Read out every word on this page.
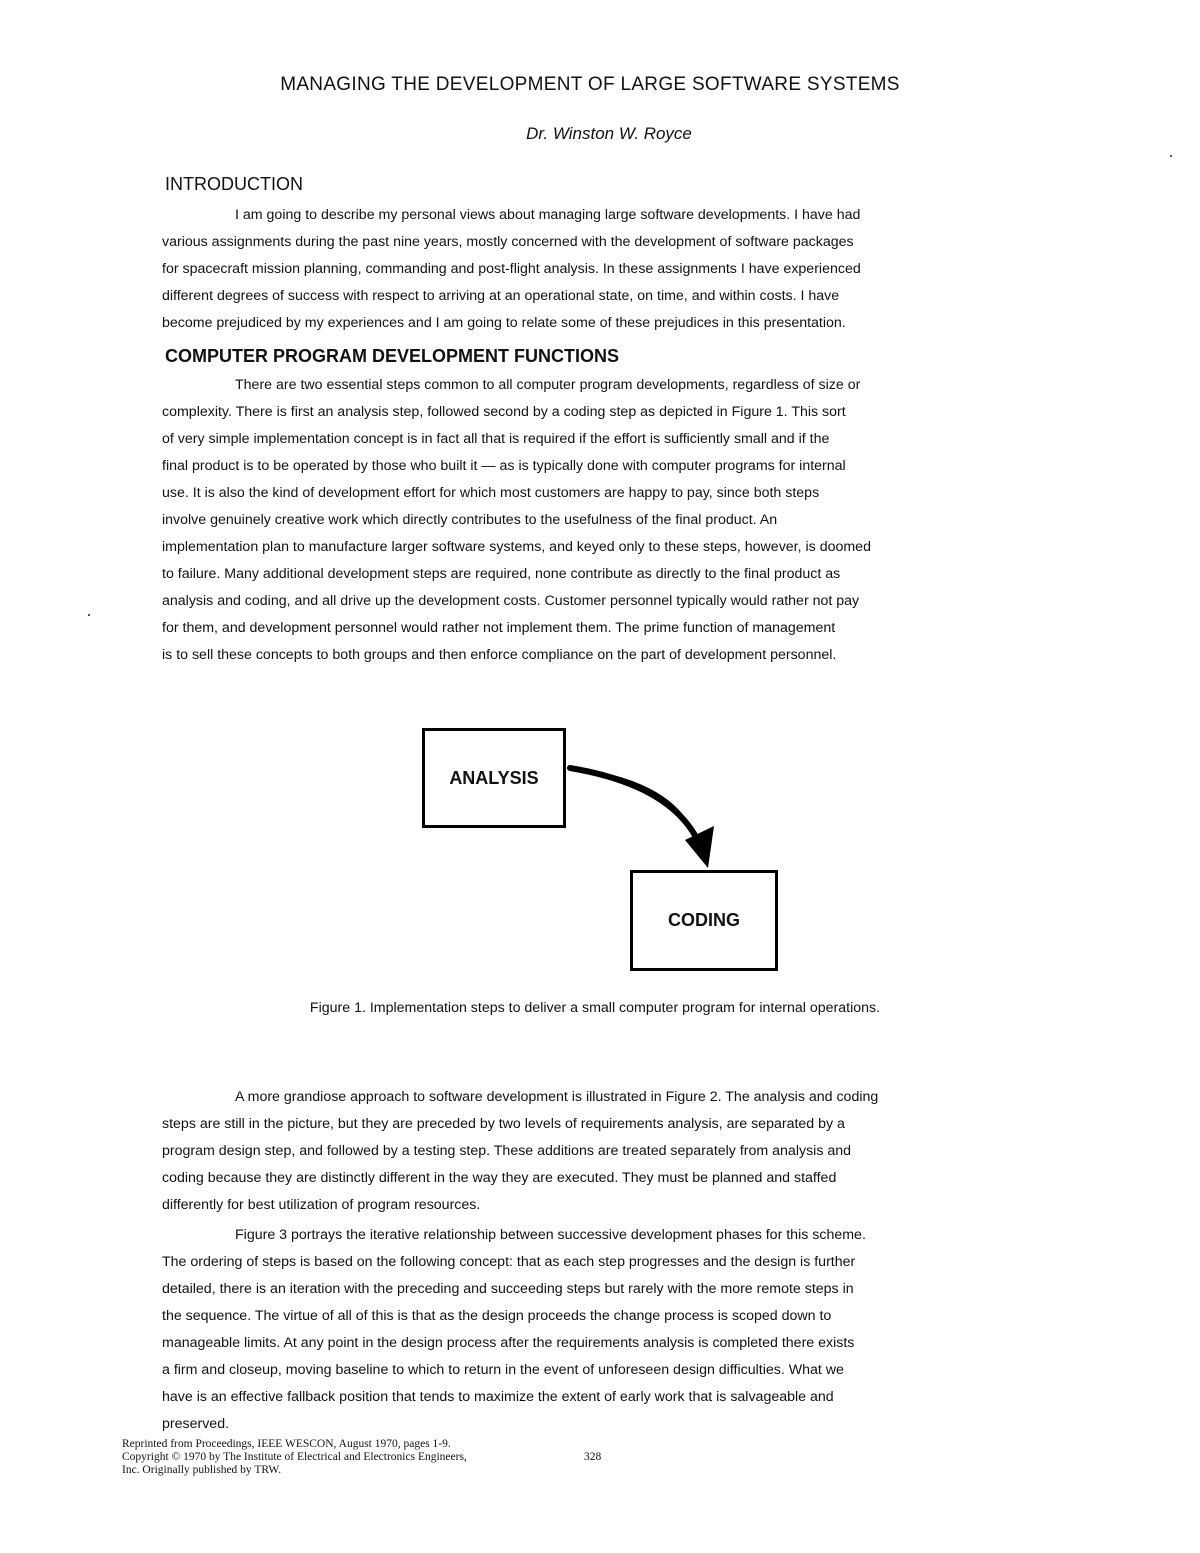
MANAGING THE DEVELOPMENT OF LARGE SOFTWARE SYSTEMS
Dr. Winston W. Royce
INTRODUCTION
I am going to describe my personal views about managing large software developments. I have had
various assignments during the past nine years, mostly concerned with the development of software packages
for spacecraft mission planning, commanding and post-flight analysis. In these assignments I have experienced
different degrees of success with respect to arriving at an operational state, on time, and within costs. I have
become prejudiced by my experiences and I am going to relate some of these prejudices in this presentation.
COMPUTER PROGRAM DEVELOPMENT FUNCTIONS
There are two essential steps common to all computer program developments, regardless of size or
complexity. There is first an analysis step, followed second by a coding step as depicted in Figure 1. This sort
of very simple implementation concept is in fact all that is required if the effort is sufficiently small and if the
final product is to be operated by those who built it — as is typically done with computer programs for internal
use. It is also the kind of development effort for which most customers are happy to pay, since both steps
involve genuinely creative work which directly contributes to the usefulness of the final product. An
implementation plan to manufacture larger software systems, and keyed only to these steps, however, is doomed
to failure. Many additional development steps are required, none contribute as directly to the final product as
analysis and coding, and all drive up the development costs. Customer personnel typically would rather not pay
for them, and development personnel would rather not implement them. The prime function of management
is to sell these concepts to both groups and then enforce compliance on the part of development personnel.
ANALYSIS
CODING
Figure 1. Implementation steps to deliver a small computer program for internal operations.
A more grandiose approach to software development is illustrated in Figure 2. The analysis and coding
steps are still in the picture, but they are preceded by two levels of requirements analysis, are separated by a
program design step, and followed by a testing step. These additions are treated separately from analysis and
coding because they are distinctly different in the way they are executed. They must be planned and staffed
differently for best utilization of program resources.
Figure 3 portrays the iterative relationship between successive development phases for this scheme.
The ordering of steps is based on the following concept: that as each step progresses and the design is further
detailed, there is an iteration with the preceding and succeeding steps but rarely with the more remote steps in
the sequence. The virtue of all of this is that as the design proceeds the change process is scoped down to
manageable limits. At any point in the design process after the requirements analysis is completed there exists
a firm and closeup, moving baseline to which to return in the event of unforeseen design difficulties. What we
have is an effective fallback position that tends to maximize the extent of early work that is salvageable and
preserved.
Reprinted from Proceedings, IEEE WESCON, August 1970, pages 1-9.
Copyright © 1970 by The Institute of Electrical and Electronics Engineers,
Inc. Originally published by TRW.
328
